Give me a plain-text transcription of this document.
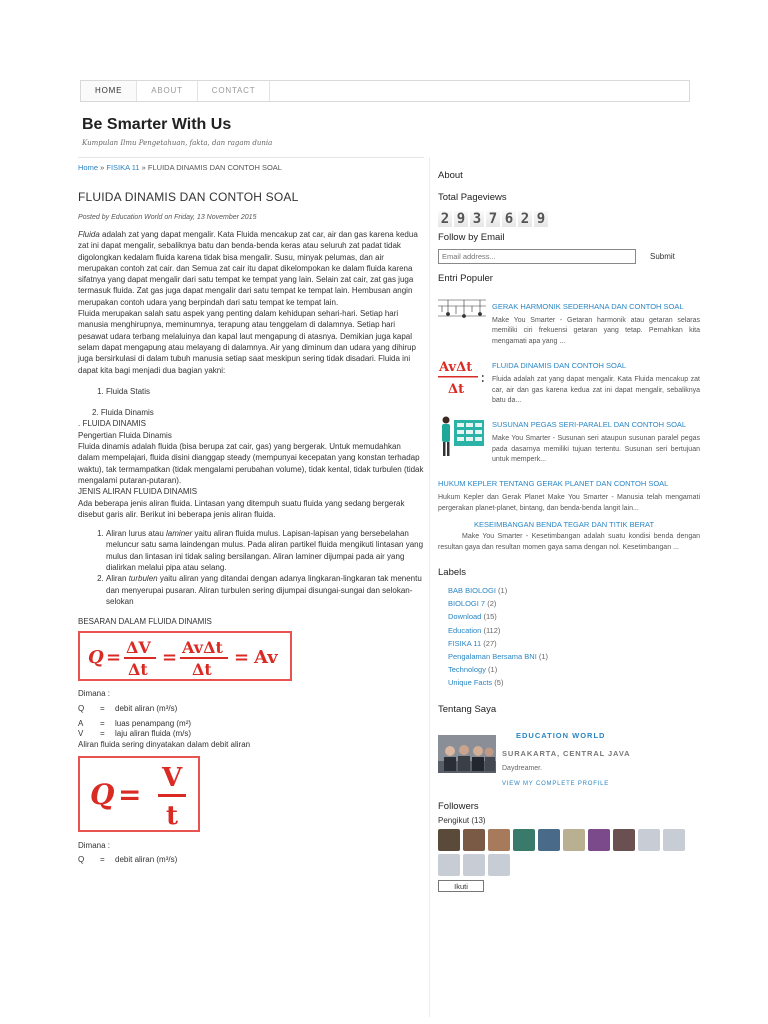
HOME	ABOUT	CONTACT
Be Smarter With Us
Kumpulan Ilmu Pengetahuan, fakta, dan ragam dunia
Home » FISIKA 11 » FLUIDA DINAMIS DAN CONTOH SOAL
FLUIDA DINAMIS DAN CONTOH SOAL
Posted by Education World on Friday, 13 November 2015

Fluida adalah zat yang dapat mengalir. Kata Fluida mencakup zat car, air dan gas karena kedua zat ini dapat mengalir, sebaliknya batu dan benda-benda keras atau seluruh zat padat tidak digolongkan kedalam fluida karena tidak bisa mengalir. Susu, minyak pelumas, dan air merupakan contoh zat cair. dan Semua zat cair itu dapat dikelompokan ke dalam fluida karena sifatnya yang dapat mengalir dari satu tempat ke tempat yang lain. Selain zat cair, zat gas juga termasuk fluida. Zat gas juga dapat mengalir dari satu tempat ke tempat lain. Hembusan angin merupakan contoh udara yang berpindah dari satu tempat ke tempat lain.

Fluida merupakan salah satu aspek yang penting dalam kehidupan sehari-hari. Setiap hari manusia menghirupnya, meminumnya, terapung atau tenggelam di dalamnya. Setiap hari pesawat udara terbang melaluinya dan kapal laut mengapung di atasnya. Demikian juga kapal selam dapat mengapung atau melayang di dalamnya. Air yang diminum dan udara yang dihirup juga bersirkulasi di dalam tubuh manusia setiap saat meskipun sering tidak disadari. Fluida ini dapat kita bagi menjadi dua bagian yakni:

1. Fluida Statis

2. Fluida Dinamis

. FLUIDA DINAMIS

Pengertian Fluida Dinamis

Fluida dinamis adalah fluida (bisa berupa zat cair, gas) yang bergerak. Untuk memudahkan dalam mempelajari, fluida disini dianggap steady (mempunyai kecepatan yang konstan terhadap waktu), tak termampatkan (tidak mengalami perubahan volume), tidak kental, tidak turbulen (tidak mengalami putaran-putaran).

JENIS ALIRAN FLUIDA DINAMIS

Ada beberapa jenis aliran fluida. Lintasan yang ditempuh suatu fluida yang sedang bergerak disebut garis alir. Berikut ini beberapa jenis aliran fluida.

1. Aliran lurus atau laminer yaitu aliran fluida mulus. Lapisan-lapisan yang bersebelahan meluncur satu sama laindengan mulus. Pada aliran partikel fluida mengikuti lintasan yang mulus dan lintasan ini tidak saling bersilangan. Aliran laminer dijumpai pada air yang dialirkan melalui pipa atau selang.
2. Aliran turbulen yaitu aliran yang ditandai dengan adanya lingkaran-lingkaran tak menentu dan menyerupai pusaran. Aliran turbulen sering dijumpai disungai-sungai dan selokan-selokan

BESARAN DALAM FLUIDA DINAMIS

Q = ΔV
Δt
= AvΔt
Δt
= Av

Dimana :

Q	=	debit aliran (m³/s)
A	=	luas penampang (m²)
V	=	laju aliran fluida (m/s)

Aliran fluida sering dinyatakan dalam debit aliran

Q = V
t

Dimana :

Q	=	debit aliran (m³/s)
About
Total Pageviews
2 9 3 7 6 2 9
Follow by Email
Email address...
Submit
Entri Populer
GERAK HARMONIK SEDERHANA DAN CONTOH SOAL
Make You Smarter - Getaran harmonik atau getaran selaras memiliki ciri frekuensi getaran yang tetap. Pernahkan kita mengamati apa yang ...
AvΔt
Δt
FLUIDA DINAMIS DAN CONTOH SOAL
Fluida adalah zat yang dapat mengalir. Kata Fluida mencakup zat car, air dan gas karena kedua zat ini dapat mengalir, sebaliknya batu da...
SUSUNAN PEGAS SERI-PARALEL DAN CONTOH SOAL
Make You Smarter - Susunan seri ataupun susunan paralel pegas pada dasarnya memiliki tujuan tertentu. Susunan seri bertujuan untuk memperk...
HUKUM KEPLER TENTANG GERAK PLANET DAN CONTOH SOAL
Hukum Kepler dan Gerak Planet Make You Smarter - Manusia telah mengamati pergerakan planet-planet, bintang, dan benda-benda langit lain...
KESEIMBANGAN BENDA TEGAR DAN TITIK BERAT
Make You Smarter - Kesetimbangan adalah suatu kondisi benda dengan resultan gaya dan resultan momen gaya sama dengan nol. Kesetimbangan ...
Labels
BAB BIOLOGI (1)
BIOLOGI 7 (2)
Download (15)
Education (112)
FISIKA 11 (27)
Pengalaman Bersama BNI (1)
Technology (1)
Unique Facts (5)
Tentang Saya
EDUCATION WORLD
SURAKARTA, CENTRAL JAVA
Daydreamer.
VIEW MY COMPLETE PROFILE
Followers
Pengikut (13)
Ikuti
